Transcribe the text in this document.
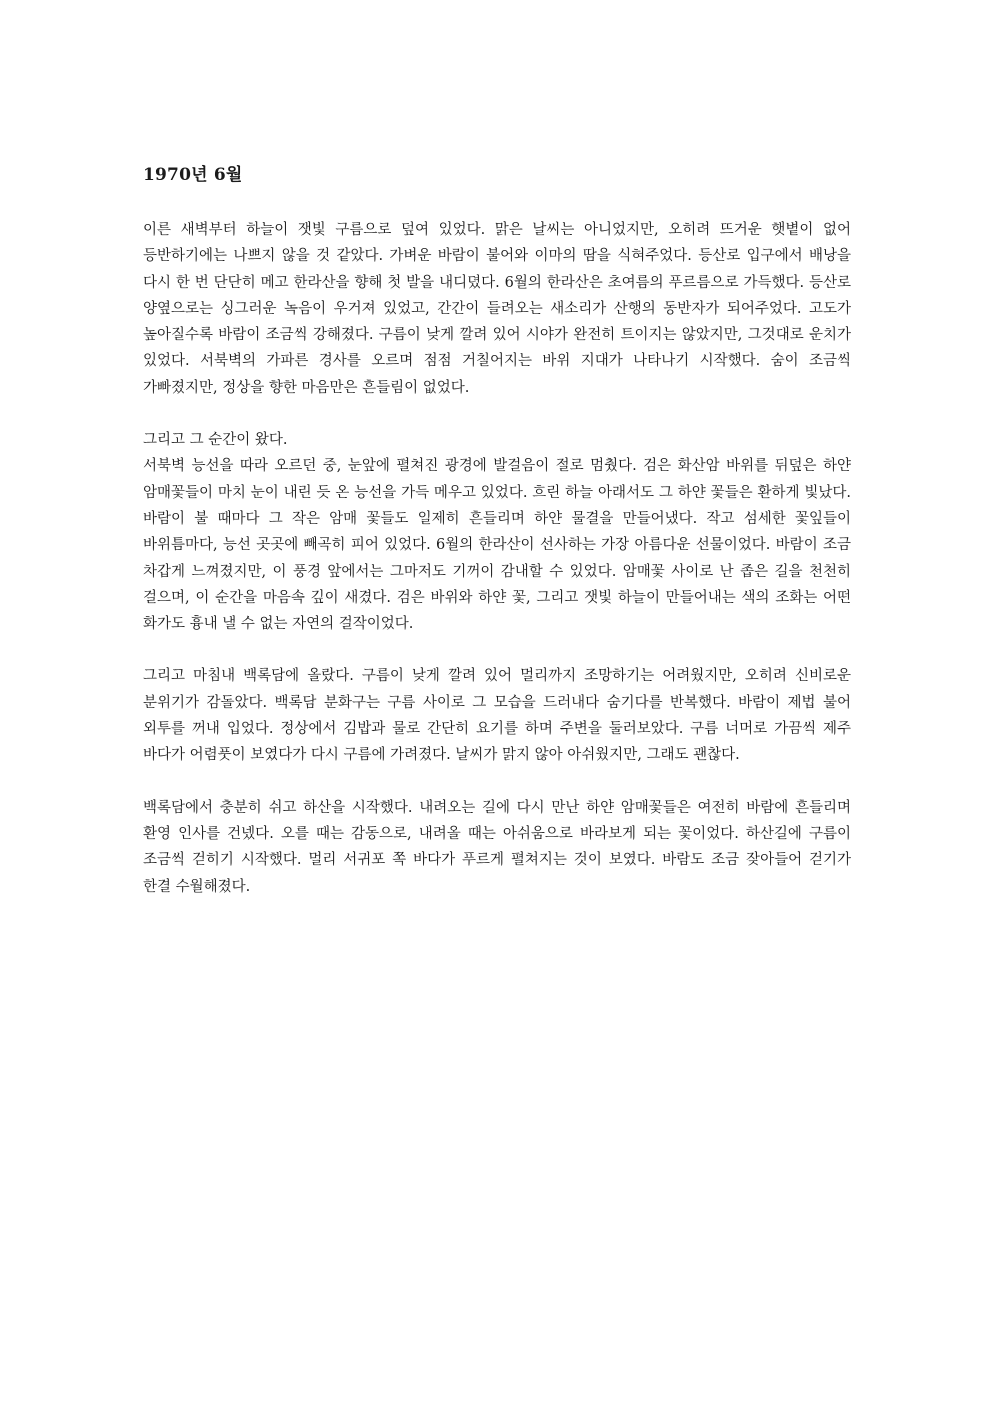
1970년 6월

이른 새벽부터 하늘이 잿빛 구름으로 덮여 있었다. 맑은 날씨는 아니었지만, 오히려 뜨거운 햇볕이 없어 등반하기에는 나쁘지 않을 것 같았다. 가벼운 바람이 불어와 이마의 땀을 식혀주었다. 등산로 입구에서 배낭을 다시 한 번 단단히 메고 한라산을 향해 첫 발을 내디뎠다. 6월의 한라산은 초여름의 푸르름으로 가득했다. 등산로 양옆으로는 싱그러운 녹음이 우거져 있었고, 간간이 들려오는 새소리가 산행의 동반자가 되어주었다. 고도가 높아질수록 바람이 조금씩 강해졌다. 구름이 낮게 깔려 있어 시야가 완전히 트이지는 않았지만, 그것대로 운치가 있었다. 서북벽의 가파른 경사를 오르며 점점 거칠어지는 바위 지대가 나타나기 시작했다. 숨이 조금씩 가빠졌지만, 정상을 향한 마음만은 흔들림이 없었다.

그리고 그 순간이 왔다.

서북벽 능선을 따라 오르던 중, 눈앞에 펼쳐진 광경에 발걸음이 절로 멈췄다. 검은 화산암 바위를 뒤덮은 하얀 암매꽃들이 마치 눈이 내린 듯 온 능선을 가득 메우고 있었다. 흐린 하늘 아래서도 그 하얀 꽃들은 환하게 빛났다. 바람이 불 때마다 그 작은 암매 꽃들도 일제히 흔들리며 하얀 물결을 만들어냈다. 작고 섬세한 꽃잎들이 바위틈마다, 능선 곳곳에 빼곡히 피어 있었다. 6월의 한라산이 선사하는 가장 아름다운 선물이었다. 바람이 조금 차갑게 느껴졌지만, 이 풍경 앞에서는 그마저도 기꺼이 감내할 수 있었다. 암매꽃 사이로 난 좁은 길을 천천히 걸으며, 이 순간을 마음속 깊이 새겼다. 검은 바위와 하얀 꽃, 그리고 잿빛 하늘이 만들어내는 색의 조화는 어떤 화가도 흉내 낼 수 없는 자연의 걸작이었다.

그리고 마침내 백록담에 올랐다. 구름이 낮게 깔려 있어 멀리까지 조망하기는 어려웠지만, 오히려 신비로운 분위기가 감돌았다. 백록담 분화구는 구름 사이로 그 모습을 드러내다 숨기다를 반복했다. 바람이 제법 불어 외투를 꺼내 입었다. 정상에서 김밥과 물로 간단히 요기를 하며 주변을 둘러보았다. 구름 너머로 가끔씩 제주 바다가 어렴풋이 보였다가 다시 구름에 가려졌다. 날씨가 맑지 않아 아쉬웠지만, 그래도 괜찮다.

백록담에서 충분히 쉬고 하산을 시작했다. 내려오는 길에 다시 만난 하얀 암매꽃들은 여전히 바람에 흔들리며 환영 인사를 건넸다. 오를 때는 감동으로, 내려올 때는 아쉬움으로 바라보게 되는 꽃이었다. 하산길에 구름이 조금씩 걷히기 시작했다. 멀리 서귀포 쪽 바다가 푸르게 펼쳐지는 것이 보였다. 바람도 조금 잦아들어 걷기가 한결 수월해졌다.
